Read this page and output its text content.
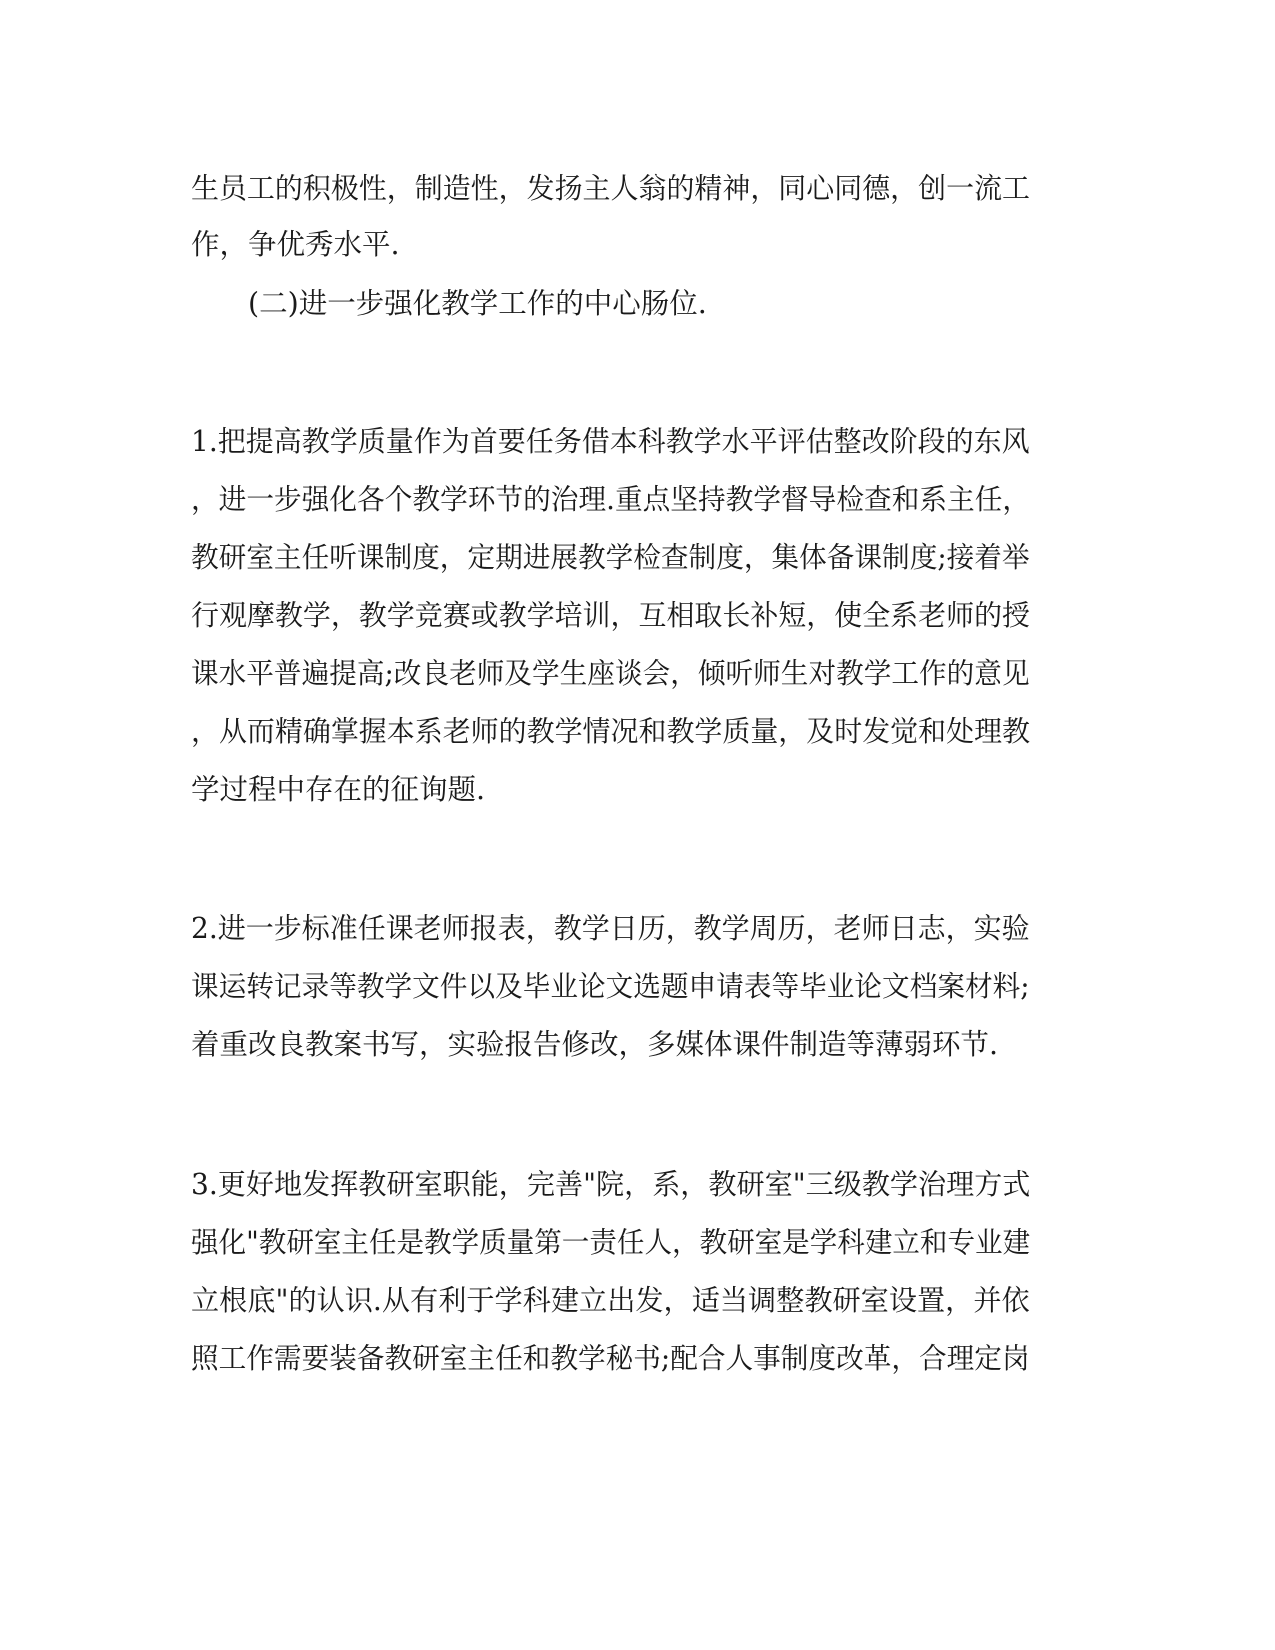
生员工的积极性，制造性，发扬主人翁的精神，同心同德，创一流工

作，争优秀水平.

(二)进一步强化教学工作的中心肠位.

1.把提高教学质量作为首要任务借本科教学水平评估整改阶段的东风

，进一步强化各个教学环节的治理.重点坚持教学督导检查和系主任，

教研室主任听课制度，定期进展教学检查制度，集体备课制度;接着举

行观摩教学，教学竞赛或教学培训，互相取长补短，使全系老师的授

课水平普遍提高;改良老师及学生座谈会，倾听师生对教学工作的意见

，从而精确掌握本系老师的教学情况和教学质量，及时发觉和处理教

学过程中存在的征询题.

2.进一步标准任课老师报表，教学日历，教学周历，老师日志，实验

课运转记录等教学文件以及毕业论文选题申请表等毕业论文档案材料;

着重改良教案书写，实验报告修改，多媒体课件制造等薄弱环节.

3.更好地发挥教研室职能，完善"院，系，教研室"三级教学治理方式

强化"教研室主任是教学质量第一责任人，教研室是学科建立和专业建

立根底"的认识.从有利于学科建立出发，适当调整教研室设置，并依

照工作需要装备教研室主任和教学秘书;配合人事制度改革，合理定岗
